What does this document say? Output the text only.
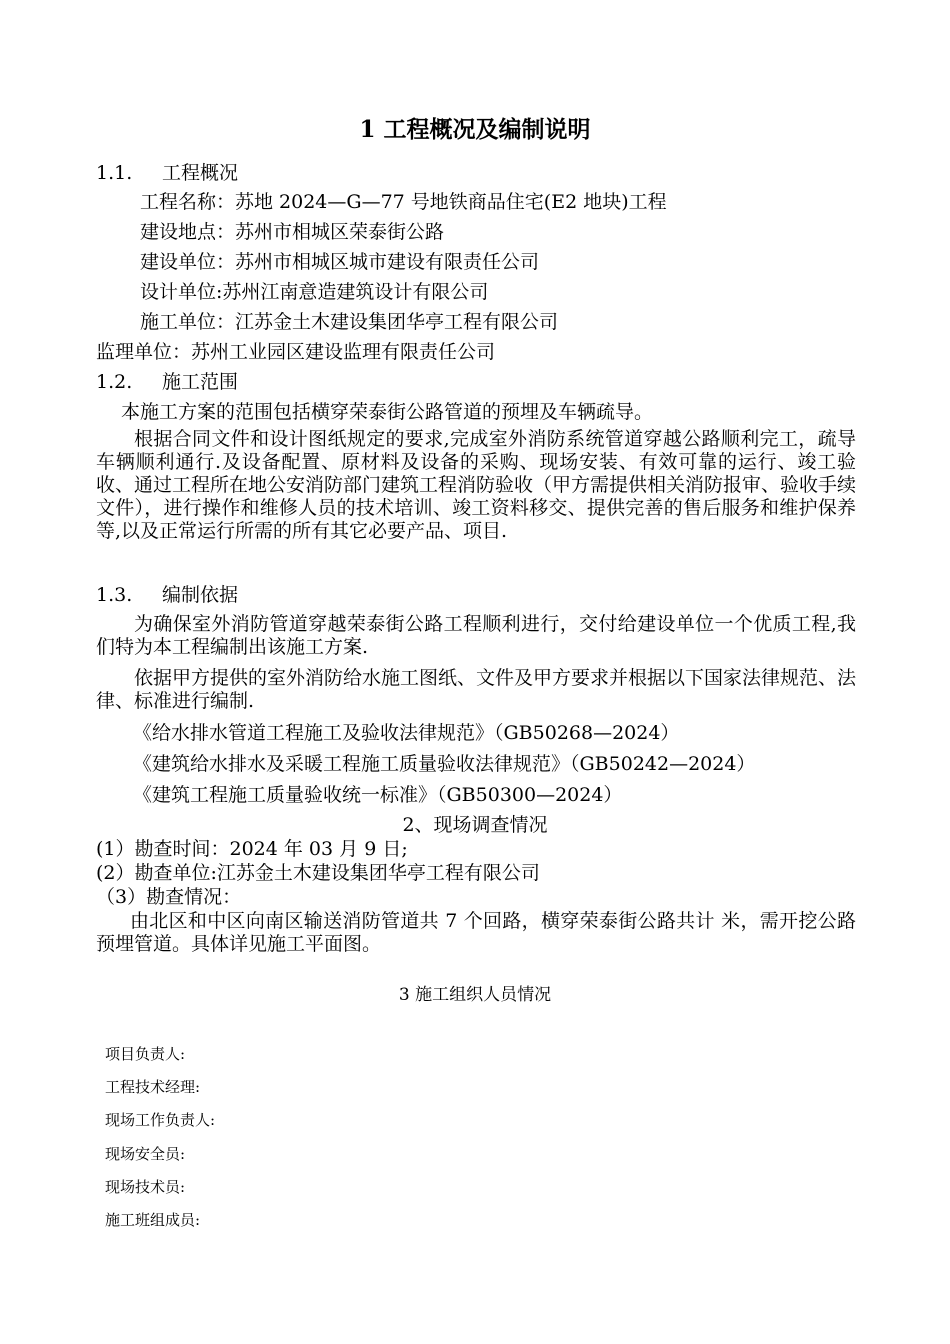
1 工程概况及编制说明
1.1. 工程概况
工程名称：苏地 2024—G—77 号地铁商品住宅(E2 地块)工程
建设地点：苏州市相城区荣泰街公路
建设单位：苏州市相城区城市建设有限责任公司
设计单位:苏州江南意造建筑设计有限公司
施工单位：江苏金土木建设集团华亭工程有限公司
监理单位：苏州工业园区建设监理有限责任公司
1.2. 施工范围
本施工方案的范围包括横穿荣泰街公路管道的预埋及车辆疏导。
根据合同文件和设计图纸规定的要求,完成室外消防系统管道穿越公路顺利完工，疏导车辆顺利通行.及设备配置、原材料及设备的采购、现场安装、有效可靠的运行、竣工验收、通过工程所在地公安消防部门建筑工程消防验收（甲方需提供相关消防报审、验收手续文件），进行操作和维修人员的技术培训、竣工资料移交、提供完善的售后服务和维护保养等,以及正常运行所需的所有其它必要产品、项目.
1.3. 编制依据
为确保室外消防管道穿越荣泰街公路工程顺利进行，交付给建设单位一个优质工程,我们特为本工程编制出该施工方案.
依据甲方提供的室外消防给水施工图纸、文件及甲方要求并根据以下国家法律规范、法律、标准进行编制.
《给水排水管道工程施工及验收法律规范》（GB50268—2024）
《建筑给水排水及采暖工程施工质量验收法律规范》（GB50242—2024）
《建筑工程施工质量验收统一标准》（GB50300—2024）
2、现场调查情况
(1）勘查时间：2024 年 03 月 9 日;
(2）勘查单位:江苏金土木建设集团华亭工程有限公司
（3）勘查情况：
由北区和中区向南区输送消防管道共 7 个回路，横穿荣泰街公路共计 米，需开挖公路预埋管道。具体详见施工平面图。
3 施工组织人员情况
项目负责人:
工程技术经理:
现场工作负责人:
现场安全员:
现场技术员:
施工班组成员:
